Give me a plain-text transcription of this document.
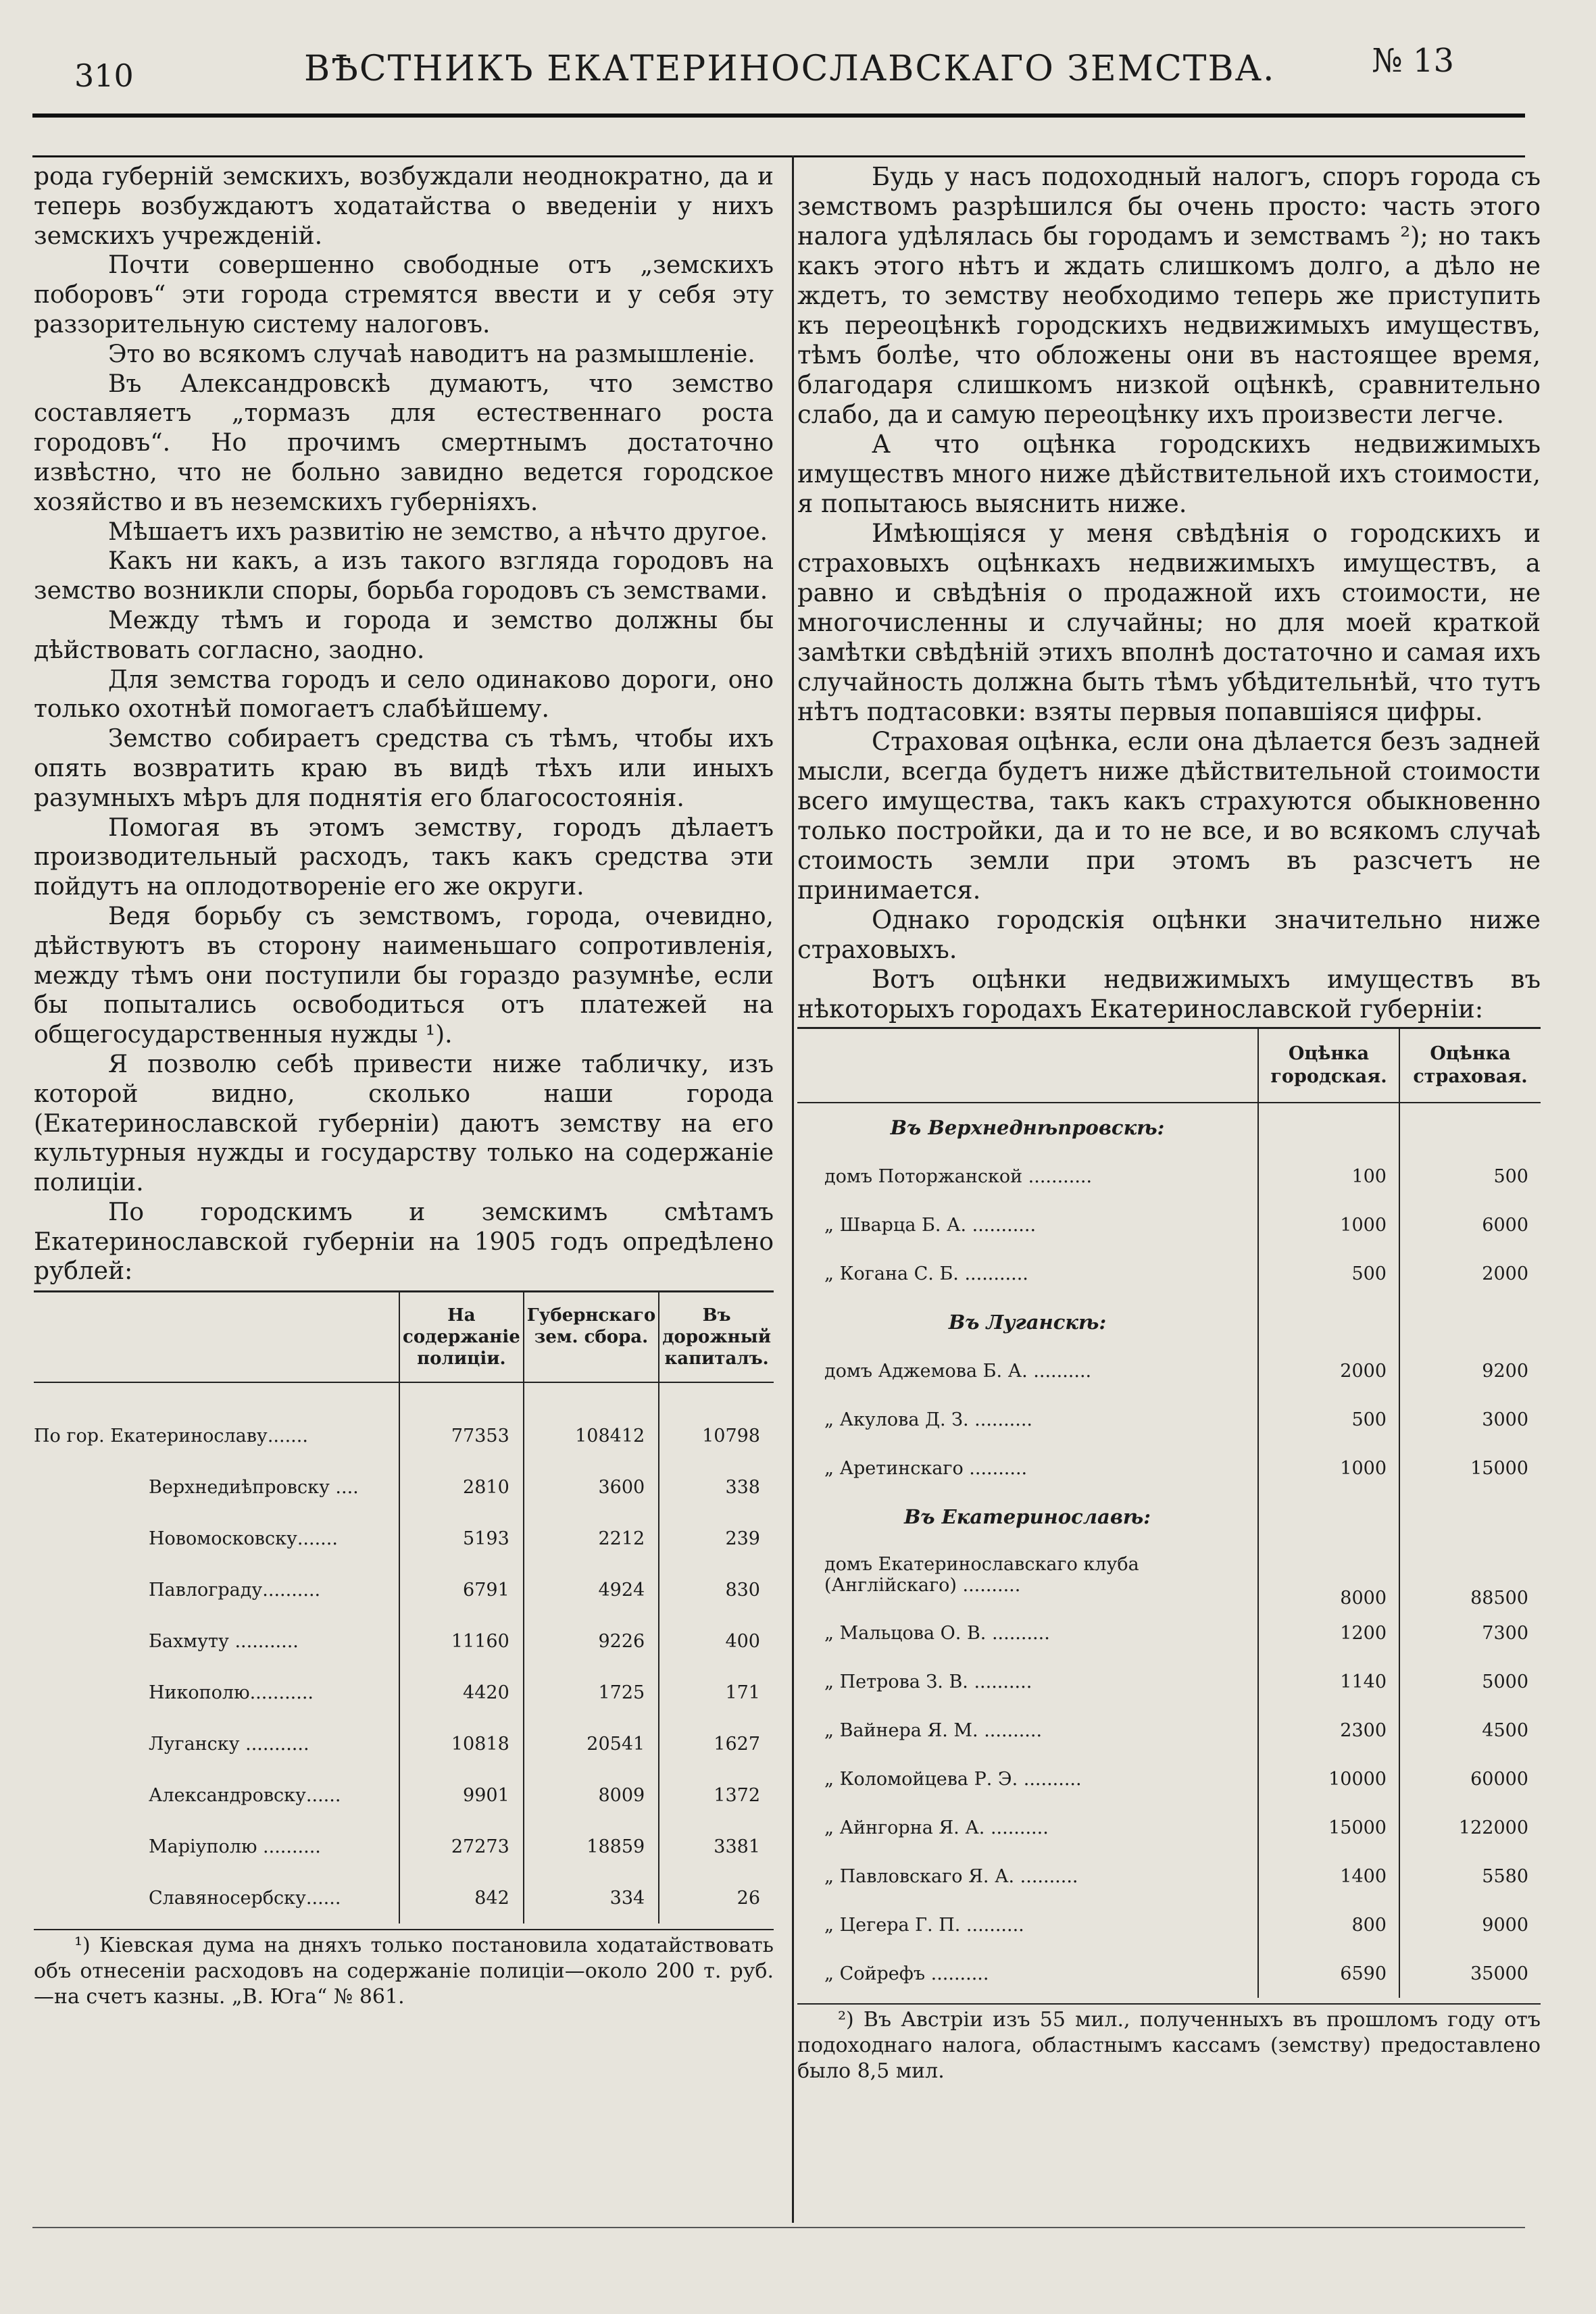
310	ВѢСТНИКЪ ЕКАТЕРИНОСЛАВСКАГО ЗЕМСТВА.	№ 13

рода губерній земскихъ, возбуждали неоднократно, да и теперь возбуждаютъ ходатайства о введеніи у нихъ земскихъ учрежденій.

Почти совершенно свободные отъ „земскихъ поборовъ“ эти города стремятся ввести и у себя эту раззорительную систему налоговъ.

Это во всякомъ случаѣ наводитъ на размышленіе.

Въ Александровскѣ думаютъ, что земство составляетъ „тормазъ для естественнаго роста городовъ“. Но прочимъ смертнымъ достаточно извѣстно, что не больно завидно ведется городское хозяйство и въ неземскихъ губерніяхъ.

Мѣшаетъ ихъ развитію не земство, а нѣчто другое.

Какъ ни какъ, а изъ такого взгляда городовъ на земство возникли споры, борьба городовъ съ земствами.

Между тѣмъ и города и земство должны бы дѣйствовать согласно, заодно.

Для земства городъ и село одинаково дороги, оно только охотнѣй помогаетъ слабѣйшему.

Земство собираетъ средства съ тѣмъ, чтобы ихъ опять возвратить краю въ видѣ тѣхъ или иныхъ разумныхъ мѣръ для поднятія его благосостоянія.

Помогая въ этомъ земству, городъ дѣлаетъ производительный расходъ, такъ какъ средства эти пойдутъ на оплодотвореніе его же округи.

Ведя борьбу съ земствомъ, города, очевидно, дѣйствуютъ въ сторону наименьшаго сопротивленія, между тѣмъ они поступили бы гораздо разумнѣе, если бы попытались освободиться отъ платежей на общегосударственныя нужды ¹).

Я позволю себѣ привести ниже табличку, изъ которой видно, сколько наши города (Екатеринославской губерніи) даютъ земству на его культурныя нужды и государству только на содержаніе полиціи.

По городскимъ и земскимъ смѣтамъ Екатеринославской губерніи на 1905 годъ опредѣлено рублей:

	На содержаніе полиціи.	Губернскаго зем. сбора.	Въ дорожный капиталъ.
По гор. Екатеринославу.......	77353	108412	10798
Верхнедиѣпровску ....	2810	3600	338
Новомосковску.......	5193	2212	239
Павлограду..........	6791	4924	830
Бахмуту ...........	11160	9226	400
Никополю...........	4420	1725	171
Луганску ...........	10818	20541	1627
Александровску......	9901	8009	1372
Маріуполю ..........	27273	18859	3381
Славяносербску......	842	334	26

¹) Кіевская дума на дняхъ только постановила ходатайствовать объ отнесеніи расходовъ на содержаніе полиціи—около 200 т. руб.—на счетъ казны. „В. Юга“ № 861.

Будь у насъ подоходный налогъ, споръ города съ земствомъ разрѣшился бы очень просто: часть этого налога удѣлялась бы городамъ и земствамъ ²); но такъ какъ этого нѣтъ и ждать слишкомъ долго, а дѣло не ждетъ, то земству необходимо теперь же приступить къ переоцѣнкѣ городскихъ недвижимыхъ имуществъ, тѣмъ болѣе, что обложены они въ настоящее время, благодаря слишкомъ низкой оцѣнкѣ, сравнительно слабо, да и самую переоцѣнку ихъ произвести легче.

А что оцѣнка городскихъ недвижимыхъ имуществъ много ниже дѣйствительной ихъ стоимости, я попытаюсь выяснить ниже.

Имѣющіяся у меня свѣдѣнія о городскихъ и страховыхъ оцѣнкахъ недвижимыхъ имуществъ, а равно и свѣдѣнія о продажной ихъ стоимости, не многочисленны и случайны; но для моей краткой замѣтки свѣдѣній этихъ вполнѣ достаточно и самая ихъ случайность должна быть тѣмъ убѣдительнѣй, что тутъ нѣтъ подтасовки: взяты первыя попавшіяся цифры.

Страховая оцѣнка, если она дѣлается безъ задней мысли, всегда будетъ ниже дѣйствительной стоимости всего имущества, такъ какъ страхуются обыкновенно только постройки, да и то не все, и во всякомъ случаѣ стоимость земли при этомъ въ разсчетъ не принимается.

Однако городскія оцѣнки значительно ниже страховыхъ.

Вотъ оцѣнки недвижимыхъ имуществъ въ нѣкоторыхъ городахъ Екатеринославской губерніи:

	Оцѣнка городская.	Оцѣнка страховая.
Въ Верхнеднѣпровскѣ:		
домъ Поторжанской ...........	100	500
„ Шварца Б. А. ...........	1000	6000
„ Когана С. Б. ...........	500	2000
Въ Луганскѣ:		
домъ Аджемова Б. А. ..........	2000	9200
„ Акулова Д. З. ..........	500	3000
„ Аретинскаго ..........	1000	15000
Въ Екатеринославѣ:		
домъ Екатеринославскаго клуба (Англійскаго) ..........	8000	88500
„ Мальцова О. В. ..........	1200	7300
„ Петрова З. В. ..........	1140	5000
„ Вайнера Я. М. ..........	2300	4500
„ Коломойцева Р. Э. ..........	10000	60000
„ Айнгорна Я. А. ..........	15000	122000
„ Павловскаго Я. А. ..........	1400	5580
„ Цегера Г. П. ..........	800	9000
„ Сойрефъ ..........	6590	35000

²) Въ Австріи изъ 55 мил., полученныхъ въ прошломъ году отъ подоходнаго налога, областнымъ кассамъ (земству) предоставлено было 8,5 мил.
